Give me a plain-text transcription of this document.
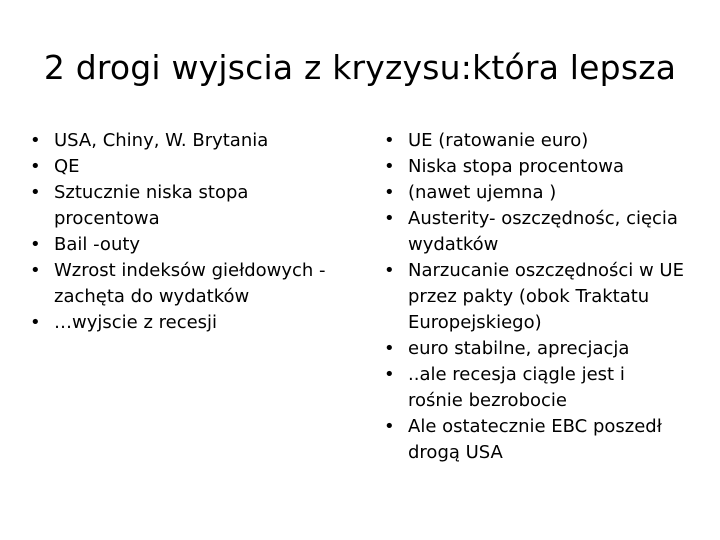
2 drogi wyjscia z kryzysu:która lepsza
• USA, Chiny, W. Brytania
• QE
• Sztucznie niska stopa procentowa
• Bail -outy
• Wzrost indeksów giełdowych -zachęta do wydatków
• …wyjscie z recesji
• UE (ratowanie euro)
• Niska stopa procentowa
• (nawet ujemna )
• Austerity- oszczędnośc, cięcia wydatków
• Narzucanie oszczędności w UE przez pakty (obok Traktatu Europejskiego)
• euro stabilne, aprecjacja
• ..ale recesja ciągle jest i rośnie bezrobocie
• Ale ostatecznie EBC poszedł drogą USA
